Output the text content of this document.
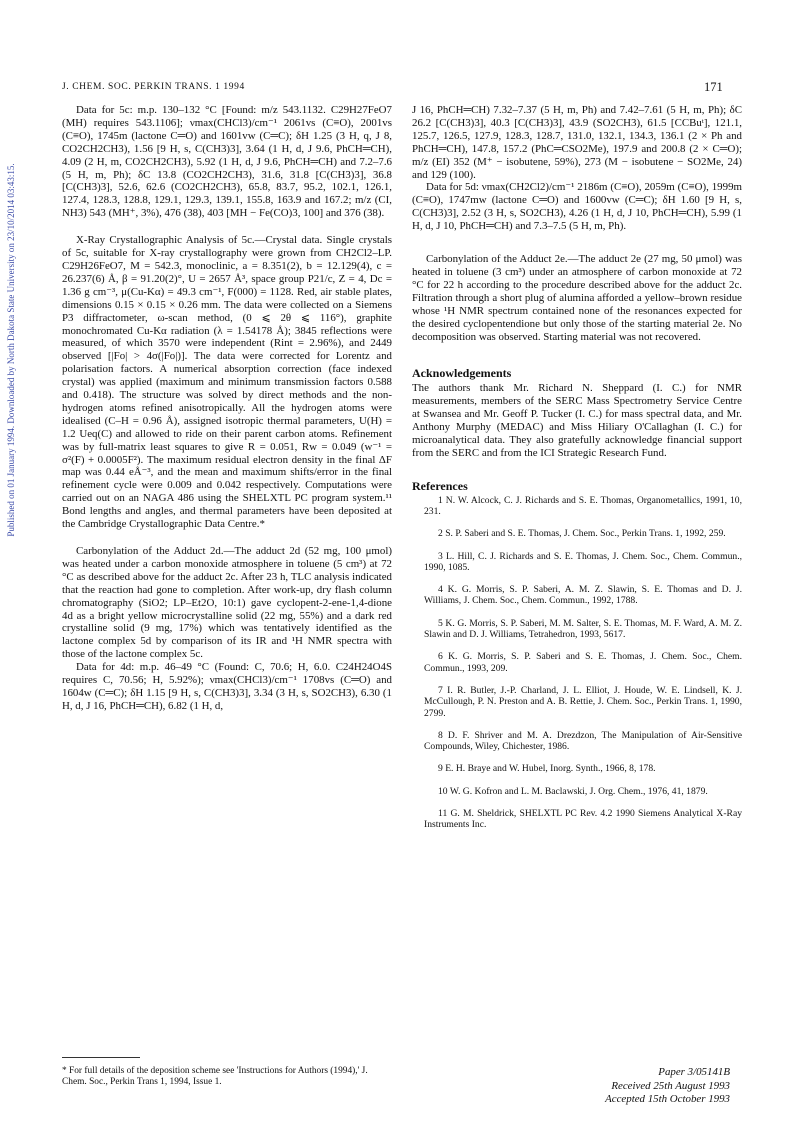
Published on 01 January 1994. Downloaded by North Dakota State University on 23/10/2014 03:43:15.
J. CHEM. SOC. PERKIN TRANS. 1 1994	171

Data for 5c: m.p. 130–132 °C [Found: m/z 543.1132. C29H27FeO7 (MH) requires 543.1106]; νmax(CHCl3)/cm⁻¹ 2061vs (C≡O), 2001vs (C≡O), 1745m (lactone C═O) and 1601vw (C═C); δH 1.25 (3 H, q, J 8, CO2CH2CH3), 1.56 [9 H, s, C(CH3)3], 3.64 (1 H, d, J 9.6, PhCH═CH), 4.09 (2 H, m, CO2CH2CH3), 5.92 (1 H, d, J 9.6, PhCH═CH) and 7.2–7.6 (5 H, m, Ph); δC 13.8 (CO2CH2CH3), 31.6, 31.8 [C(CH3)3], 36.8 [C(CH3)3], 52.6, 62.6 (CO2CH2CH3), 65.8, 83.7, 95.2, 102.1, 126.1, 127.4, 128.3, 128.8, 129.1, 129.3, 139.1, 155.8, 163.9 and 167.2; m/z (CI, NH3) 543 (MH⁺, 3%), 476 (38), 403 [MH − Fe(CO)3, 100] and 376 (38).

X-Ray Crystallographic Analysis of 5c.—Crystal data. Single crystals of 5c, suitable for X-ray crystallography were grown from CH2Cl2–LP. C29H26FeO7, M = 542.3, monoclinic, a = 8.351(2), b = 12.129(4), c = 26.237(6) Å, β = 91.20(2)°, U = 2657 Å³, space group P21/c, Z = 4, Dc = 1.36 g cm⁻³, μ(Cu-Kα) = 49.3 cm⁻¹, F(000) = 1128. Red, air stable plates, dimensions 0.15 × 0.15 × 0.26 mm. The data were collected on a Siemens P3 diffractometer, ω-scan method, (0 ⩽ 2θ ⩽ 116°), graphite monochromated Cu-Kα radiation (λ = 1.54178 Å); 3845 reflections were measured, of which 3570 were independent (Rint = 2.96%), and 2449 observed [|Fo| > 4σ(|Fo|)]. The data were corrected for Lorentz and polarisation factors. A numerical absorption correction (face indexed crystal) was applied (maximum and minimum transmission factors 0.588 and 0.418). The structure was solved by direct methods and the non-hydrogen atoms refined anisotropically. All the hydrogen atoms were idealised (C–H = 0.96 Å), assigned isotropic thermal parameters, U(H) = 1.2 Ueq(C) and allowed to ride on their parent carbon atoms. Refinement was by full-matrix least squares to give R = 0.051, Rw = 0.049 (w⁻¹ = σ²(F) + 0.0005F²). The maximum residual electron density in the final ΔF map was 0.44 eÅ⁻³, and the mean and maximum shifts/error in the final refinement cycle were 0.009 and 0.042 respectively. Computations were carried out on an NAGA 486 using the SHELXTL PC program system.¹¹ Bond lengths and angles, and thermal parameters have been deposited at the Cambridge Crystallographic Data Centre.*

Carbonylation of the Adduct 2d.—The adduct 2d (52 mg, 100 μmol) was heated under a carbon monoxide atmosphere in toluene (5 cm³) at 72 °C as described above for the adduct 2c. After 23 h, TLC analysis indicated that the reaction had gone to completion. After work-up, dry flash column chromatography (SiO2; LP–Et2O, 10:1) gave cyclopent-2-ene-1,4-dione 4d as a bright yellow microcrystalline solid (22 mg, 55%) and a dark red crystalline solid (9 mg, 17%) which was tentatively identified as the lactone complex 5d by comparison of its IR and ¹H NMR spectra with those of the lactone complex 5c.

Data for 4d: m.p. 46–49 °C (Found: C, 70.6; H, 6.0. C24H24O4S requires C, 70.56; H, 5.92%); νmax(CHCl3)/cm⁻¹ 1708vs (C═O) and 1604w (C═C); δH 1.15 [9 H, s, C(CH3)3], 3.34 (3 H, s, SO2CH3), 6.30 (1 H, d, J 16, PhCH═CH), 6.82 (1 H, d,

J 16, PhCH═CH) 7.32–7.37 (5 H, m, Ph) and 7.42–7.61 (5 H, m, Ph); δC 26.2 [C(CH3)3], 40.3 [C(CH3)3], 43.9 (SO2CH3), 61.5 [CCBuᵗ], 121.1, 125.7, 126.5, 127.9, 128.3, 128.7, 131.0, 132.1, 134.3, 136.1 (2 × Ph and PhCH═CH), 147.8, 157.2 (PhC═CSO2Me), 197.9 and 200.8 (2 × C═O); m/z (EI) 352 (M⁺ − isobutene, 59%), 273 (M − isobutene − SO2Me, 24) and 129 (100).

Data for 5d: νmax(CH2Cl2)/cm⁻¹ 2186m (C≡O), 2059m (C≡O), 1999m (C≡O), 1747mw (lactone C═O) and 1600vw (C═C); δH 1.60 [9 H, s, C(CH3)3], 2.52 (3 H, s, SO2CH3), 4.26 (1 H, d, J 10, PhCH═CH), 5.99 (1 H, d, J 10, PhCH═CH) and 7.3–7.5 (5 H, m, Ph).

Carbonylation of the Adduct 2e.—The adduct 2e (27 mg, 50 μmol) was heated in toluene (3 cm³) under an atmosphere of carbon monoxide at 72 °C for 22 h according to the procedure described above for the adduct 2c. Filtration through a short plug of alumina afforded a yellow–brown residue whose ¹H NMR spectrum contained none of the resonances expected for the desired cyclopentendione but only those of the starting material 2e. No decomposition was observed. Starting material was not recovered.

Acknowledgements

The authors thank Mr. Richard N. Sheppard (I. C.) for NMR measurements, members of the SERC Mass Spectrometry Service Centre at Swansea and Mr. Geoff P. Tucker (I. C.) for mass spectral data, and Mr. Anthony Murphy (MEDAC) and Miss Hiliary O'Callaghan (I. C.) for microanalytical data. They also gratefully acknowledge financial support from the SERC and from the ICI Strategic Research Fund.

References

1 N. W. Alcock, C. J. Richards and S. E. Thomas, Organometallics, 1991, 10, 231.

2 S. P. Saberi and S. E. Thomas, J. Chem. Soc., Perkin Trans. 1, 1992, 259.

3 L. Hill, C. J. Richards and S. E. Thomas, J. Chem. Soc., Chem. Commun., 1990, 1085.

4 K. G. Morris, S. P. Saberi, A. M. Z. Slawin, S. E. Thomas and D. J. Williams, J. Chem. Soc., Chem. Commun., 1992, 1788.

5 K. G. Morris, S. P. Saberi, M. M. Salter, S. E. Thomas, M. F. Ward, A. M. Z. Slawin and D. J. Williams, Tetrahedron, 1993, 5617.

6 K. G. Morris, S. P. Saberi and S. E. Thomas, J. Chem. Soc., Chem. Commun., 1993, 209.

7 I. R. Butler, J.-P. Charland, J. L. Elliot, J. Houde, W. E. Lindsell, K. J. McCullough, P. N. Preston and A. B. Rettie, J. Chem. Soc., Perkin Trans. 1, 1990, 2799.

8 D. F. Shriver and M. A. Drezdzon, The Manipulation of Air-Sensitive Compounds, Wiley, Chichester, 1986.

9 E. H. Braye and W. Hubel, Inorg. Synth., 1966, 8, 178.

10 W. G. Kofron and L. M. Baclawski, J. Org. Chem., 1976, 41, 1879.

11 G. M. Sheldrick, SHELXTL PC Rev. 4.2 1990 Siemens Analytical X-Ray Instruments Inc.

* For full details of the deposition scheme see 'Instructions for Authors (1994),' J. Chem. Soc., Perkin Trans 1, 1994, Issue 1.
Paper 3/05141B
Received 25th August 1993
Accepted 15th October 1993
